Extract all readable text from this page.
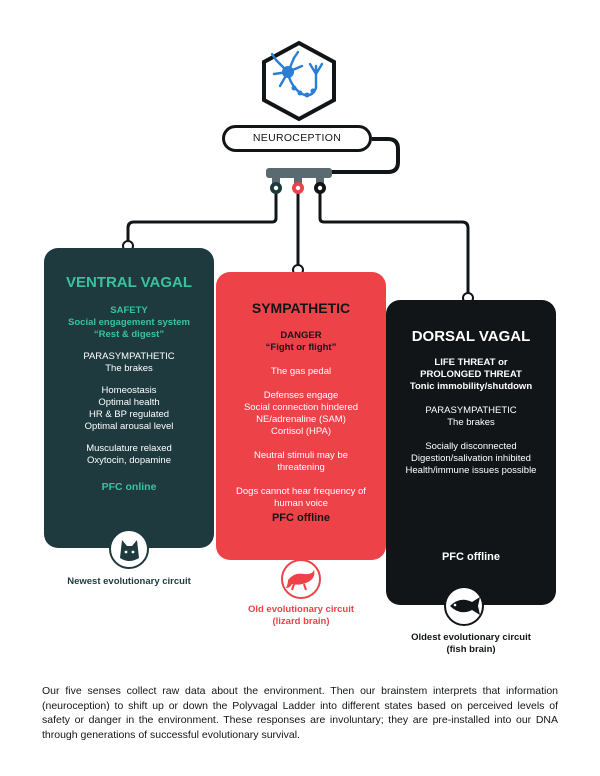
NEUROCEPTION

VENTRAL VAGAL

SAFETY

Social engagement system

“Rest & digest”

PARASYMPATHETIC

The brakes

Homeostasis

Optimal health

HR & BP regulated

Optimal arousal level

Musculature relaxed

Oxytocin, dopamine

PFC online

Newest evolutionary circuit

SYMPATHETIC

DANGER

“Fight or flight”

The gas pedal

Defenses engage

Social connection hindered

NE/adrenaline (SAM)

Cortisol (HPA)

Neutral stimuli may be

threatening

Dogs cannot hear frequency of

human voice

PFC offline

Old evolutionary circuit
(lizard brain)

DORSAL VAGAL

LIFE THREAT or

PROLONGED THREAT

Tonic immobility/shutdown

PARASYMPATHETIC

The brakes

Socially disconnected

Digestion/salivation inhibited

Health/immune issues possible

PFC offline

Oldest evolutionary circuit
(fish brain)
Our five senses collect raw data about the environment. Then our brainstem interprets that information (neuroception) to shift up or down the Polyvagal Ladder into different states based on perceived levels of safety or danger in the environment. These responses are involuntary; they are pre-installed into our DNA through generations of successful evolutionary survival.
